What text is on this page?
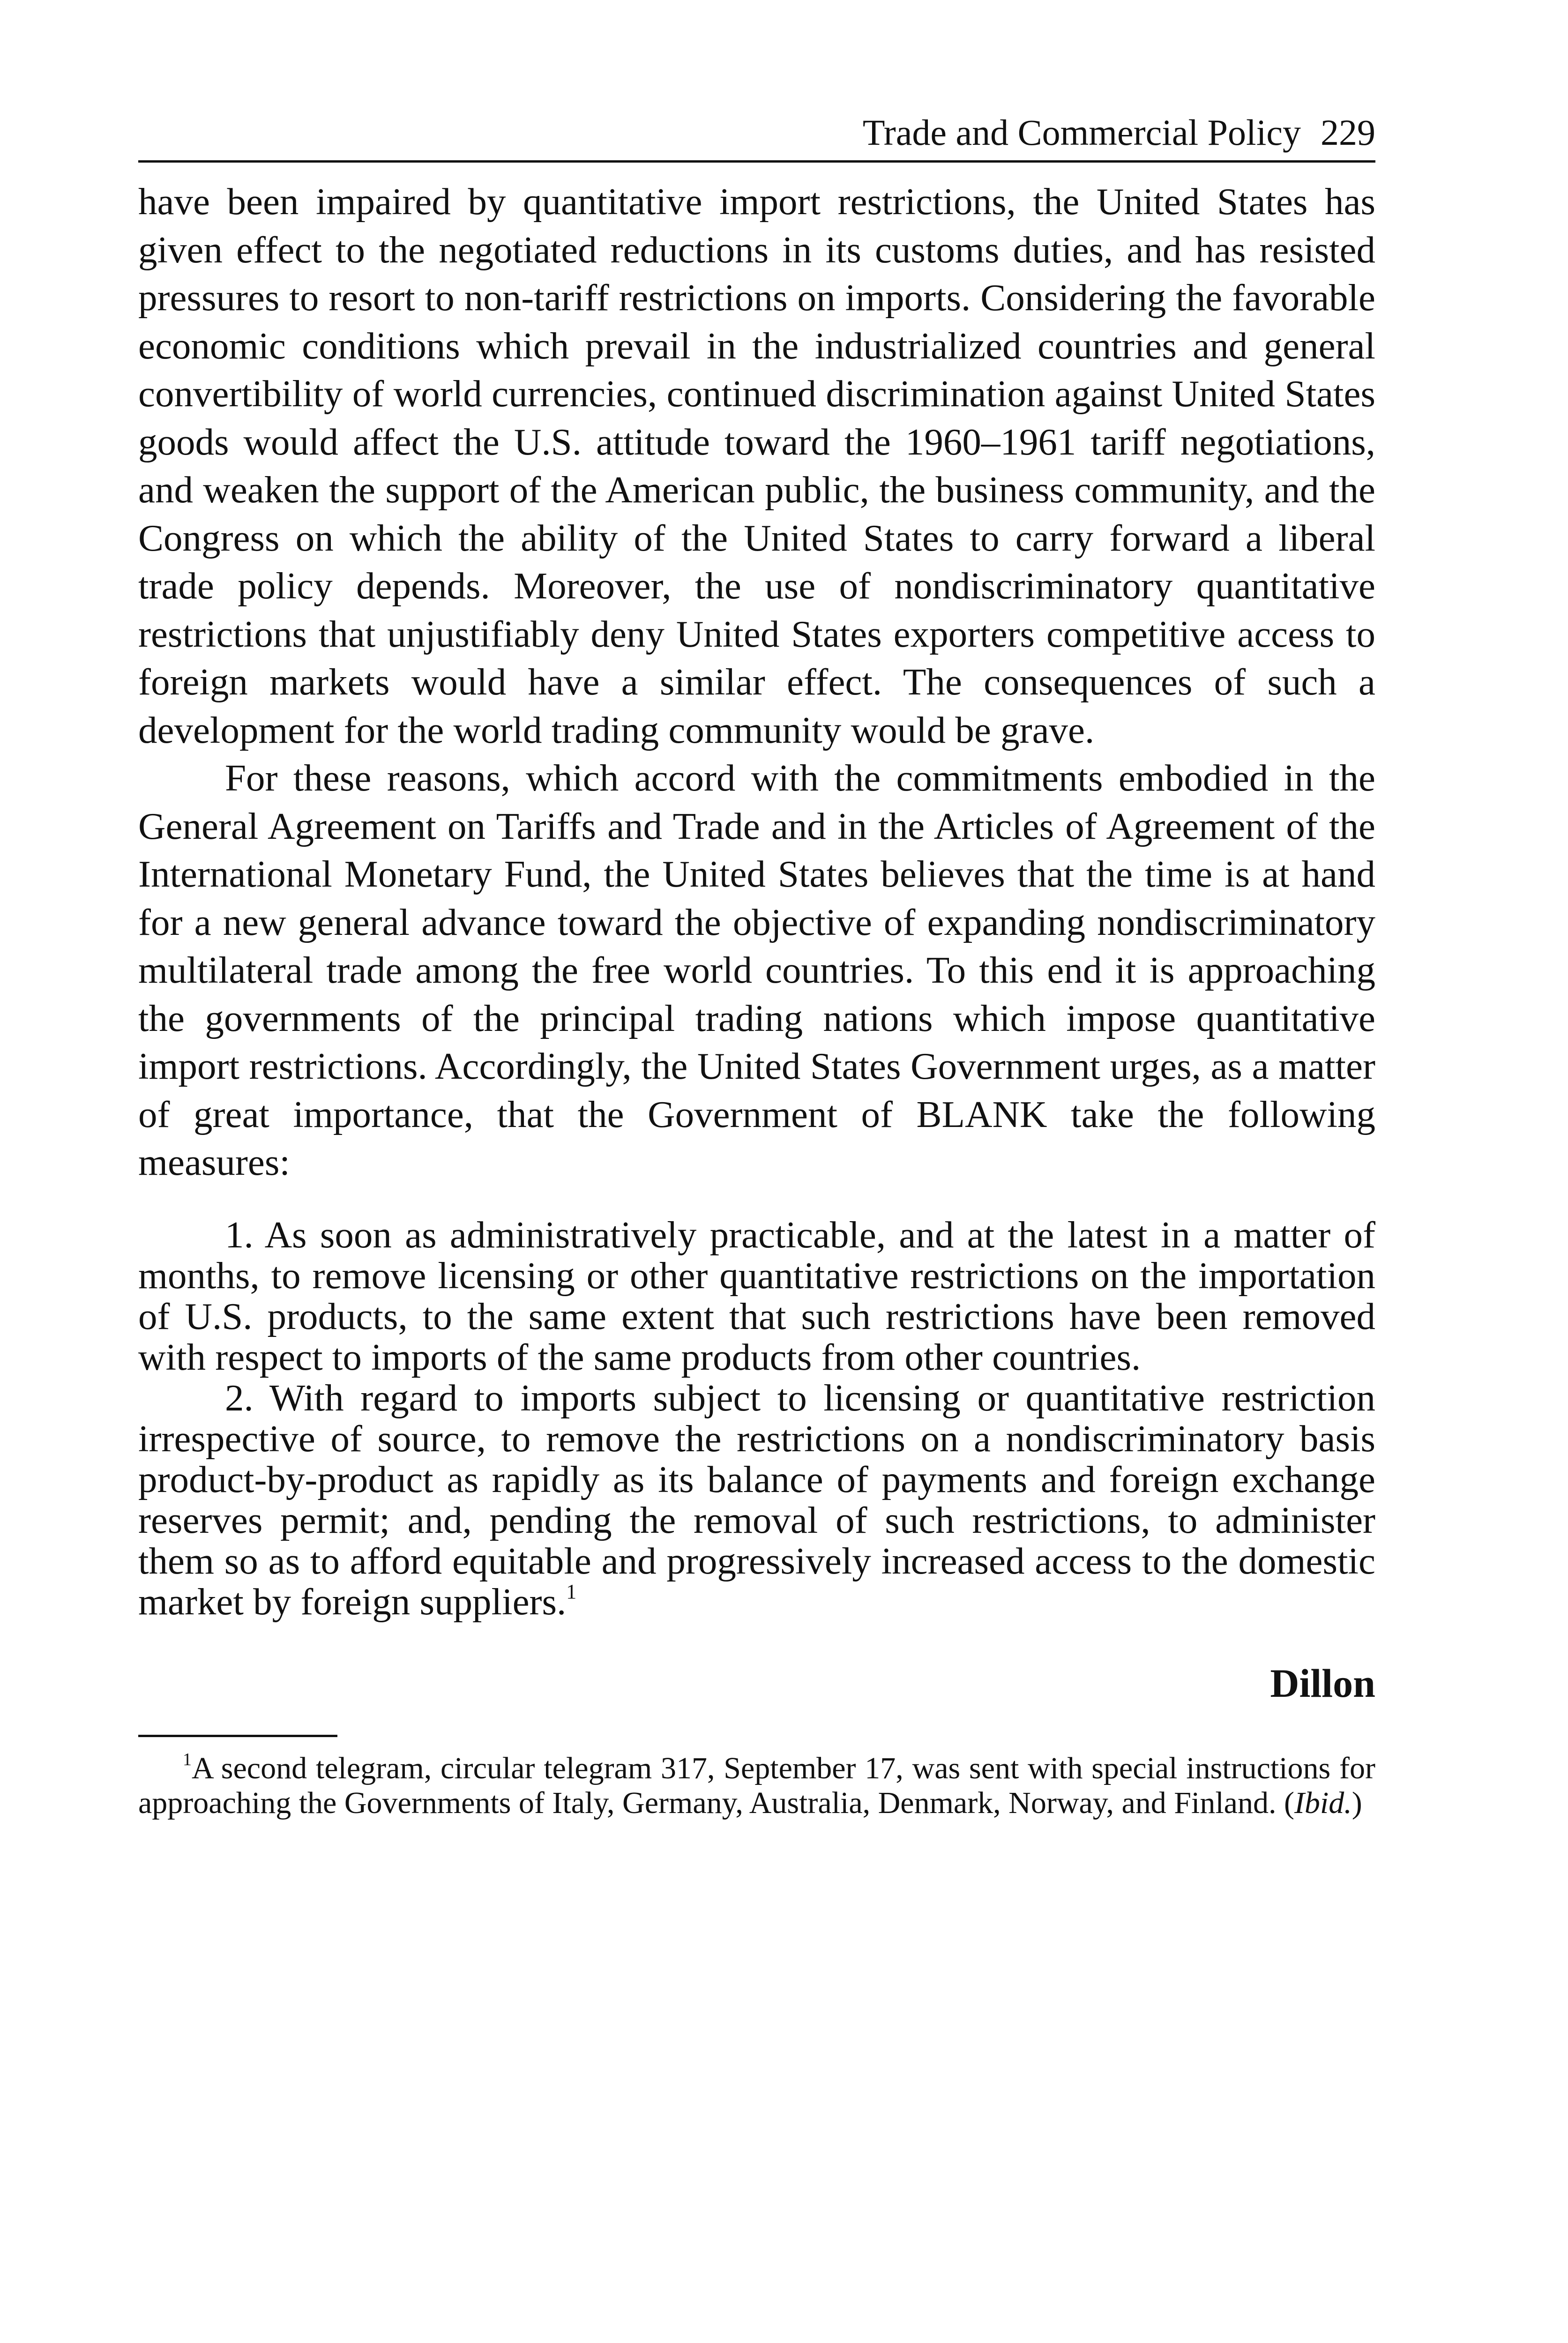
Trade and Commercial Policy 229

have been impaired by quantitative import restrictions, the United States has given effect to the negotiated reductions in its customs duties, and has resisted pressures to resort to non-tariff restrictions on imports. Considering the favorable economic conditions which prevail in the industrialized countries and general convertibility of world currencies, continued discrimination against United States goods would affect the U.S. attitude toward the 1960–1961 tariff negotiations, and weaken the support of the American public, the business community, and the Congress on which the ability of the United States to carry forward a liberal trade policy depends. Moreover, the use of nondiscriminatory quantitative restrictions that unjustifiably deny United States exporters competitive access to foreign markets would have a similar effect. The consequences of such a development for the world trading community would be grave.

For these reasons, which accord with the commitments embodied in the General Agreement on Tariffs and Trade and in the Articles of Agreement of the International Monetary Fund, the United States believes that the time is at hand for a new general advance toward the objective of expanding nondiscriminatory multilateral trade among the free world countries. To this end it is approaching the governments of the principal trading nations which impose quantitative import restrictions. Accordingly, the United States Government urges, as a matter of great importance, that the Government of BLANK take the following measures:

1. As soon as administratively practicable, and at the latest in a matter of months, to remove licensing or other quantitative restrictions on the importation of U.S. products, to the same extent that such restrictions have been removed with respect to imports of the same products from other countries.

2. With regard to imports subject to licensing or quantitative restriction irrespective of source, to remove the restrictions on a nondiscriminatory basis product-by-product as rapidly as its balance of payments and foreign exchange reserves permit; and, pending the removal of such restrictions, to administer them so as to afford equitable and progressively increased access to the domestic market by foreign suppliers.$^1$

Dillon
$^1$A second telegram, circular telegram 317, September 17, was sent with special instructions for approaching the Governments of Italy, Germany, Australia, Denmark, Norway, and Finland. (Ibid.)
